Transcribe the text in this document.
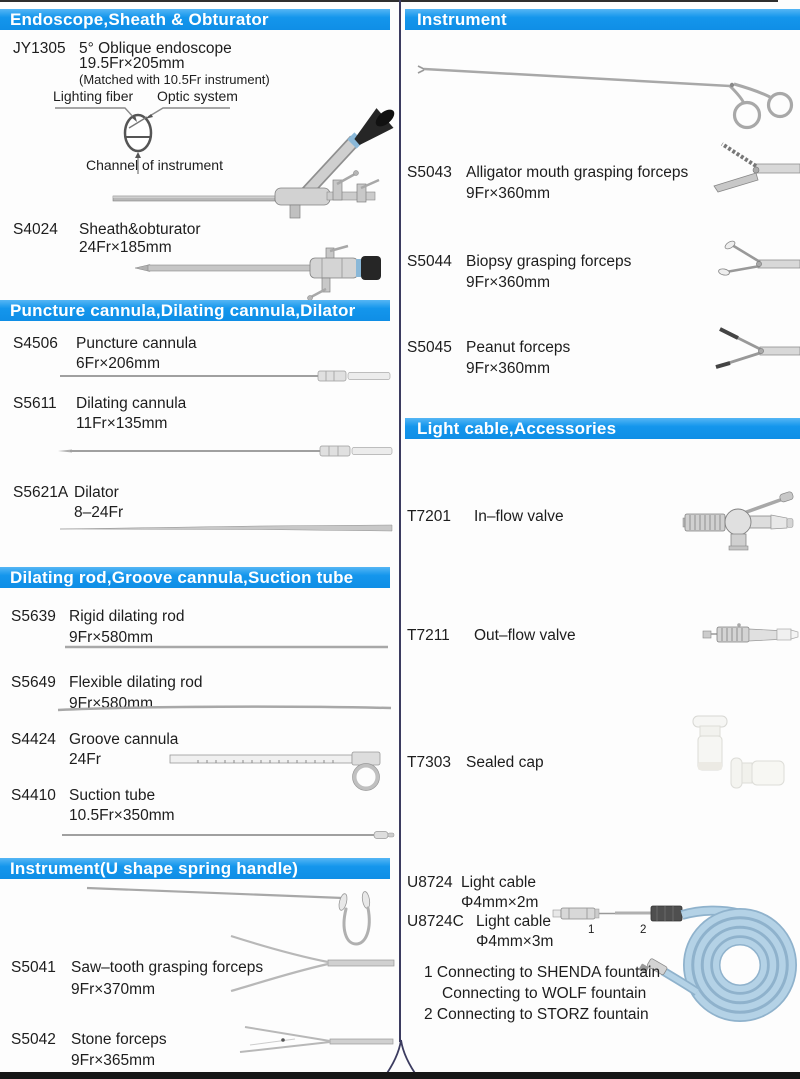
Endoscope,Sheath & Obturator
JY1305 5° Oblique endoscope
19.5Fr×205mm
(Matched with 10.5Fr instrument)
Lighting fiber Optic system
Channel of instrument
S4024 Sheath&obturator
24Fr×185mm
Puncture cannula,Dilating cannula,Dilator
S4506 Puncture cannula
6Fr×206mm
S5611 Dilating cannula
11Fr×135mm
S5621A Dilator
8–24Fr
Dilating rod,Groove cannula,Suction tube
S5639 Rigid dilating rod
9Fr×580mm
S5649 Flexible dilating rod
9Fr×580mm
S4424 Groove cannula
24Fr
S4410 Suction tube
10.5Fr×350mm
Instrument(U shape spring handle)
S5041 Saw–tooth grasping forceps
9Fr×370mm
S5042 Stone forceps
9Fr×365mm
Instrument
S5043 Alligator mouth grasping forceps
9Fr×360mm
S5044 Biopsy grasping forceps
9Fr×360mm
S5045 Peanut forceps
9Fr×360mm
Light cable,Accessories
T7201 In–flow valve
T7211 Out–flow valve
T7303 Sealed cap
U8724 Light cable
Φ4mm×2m
U8724C Light cable
Φ4mm×3m
1	2
1 Connecting to SHENDA fountain
Connecting to WOLF fountain
2 Connecting to STORZ fountain
